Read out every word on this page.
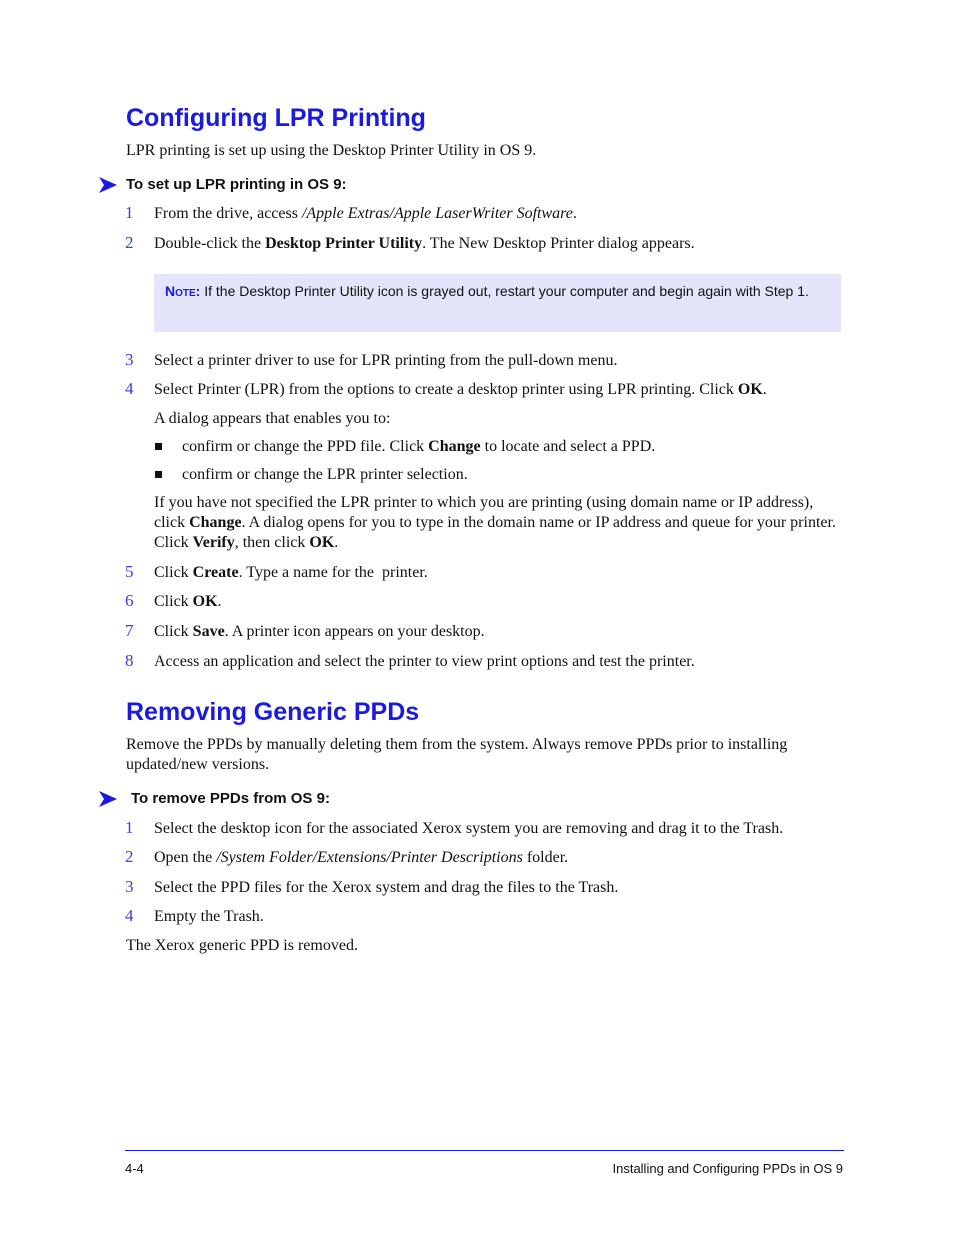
Configuring LPR Printing
LPR printing is set up using the Desktop Printer Utility in OS 9.
To set up LPR printing in OS 9:
1	From the drive, access /Apple Extras/Apple LaserWriter Software.
2	Double-click the Desktop Printer Utility. The New Desktop Printer dialog appears.
Note: If the Desktop Printer Utility icon is grayed out, restart your computer and begin again with Step 1.
3	Select a printer driver to use for LPR printing from the pull-down menu.
4	Select Printer (LPR) from the options to create a desktop printer using LPR printing. Click OK.
A dialog appears that enables you to:
confirm or change the PPD file. Click Change to locate and select a PPD.
confirm or change the LPR printer selection.
If you have not specified the LPR printer to which you are printing (using domain name or IP address), click Change. A dialog opens for you to type in the domain name or IP address and queue for your printer. Click Verify, then click OK.
5	Click Create. Type a name for the  printer.
6	Click OK.
7	Click Save. A printer icon appears on your desktop.
8	Access an application and select the printer to view print options and test the printer.
Removing Generic PPDs
Remove the PPDs by manually deleting them from the system. Always remove PPDs prior to installing updated/new versions.
To remove PPDs from OS 9:
1	Select the desktop icon for the associated Xerox system you are removing and drag it to the Trash.
2	Open the /System Folder/Extensions/Printer Descriptions folder.
3	Select the PPD files for the Xerox system and drag the files to the Trash.
4	Empty the Trash.
The Xerox generic PPD is removed.
4-4	Installing and Configuring PPDs in OS 9
